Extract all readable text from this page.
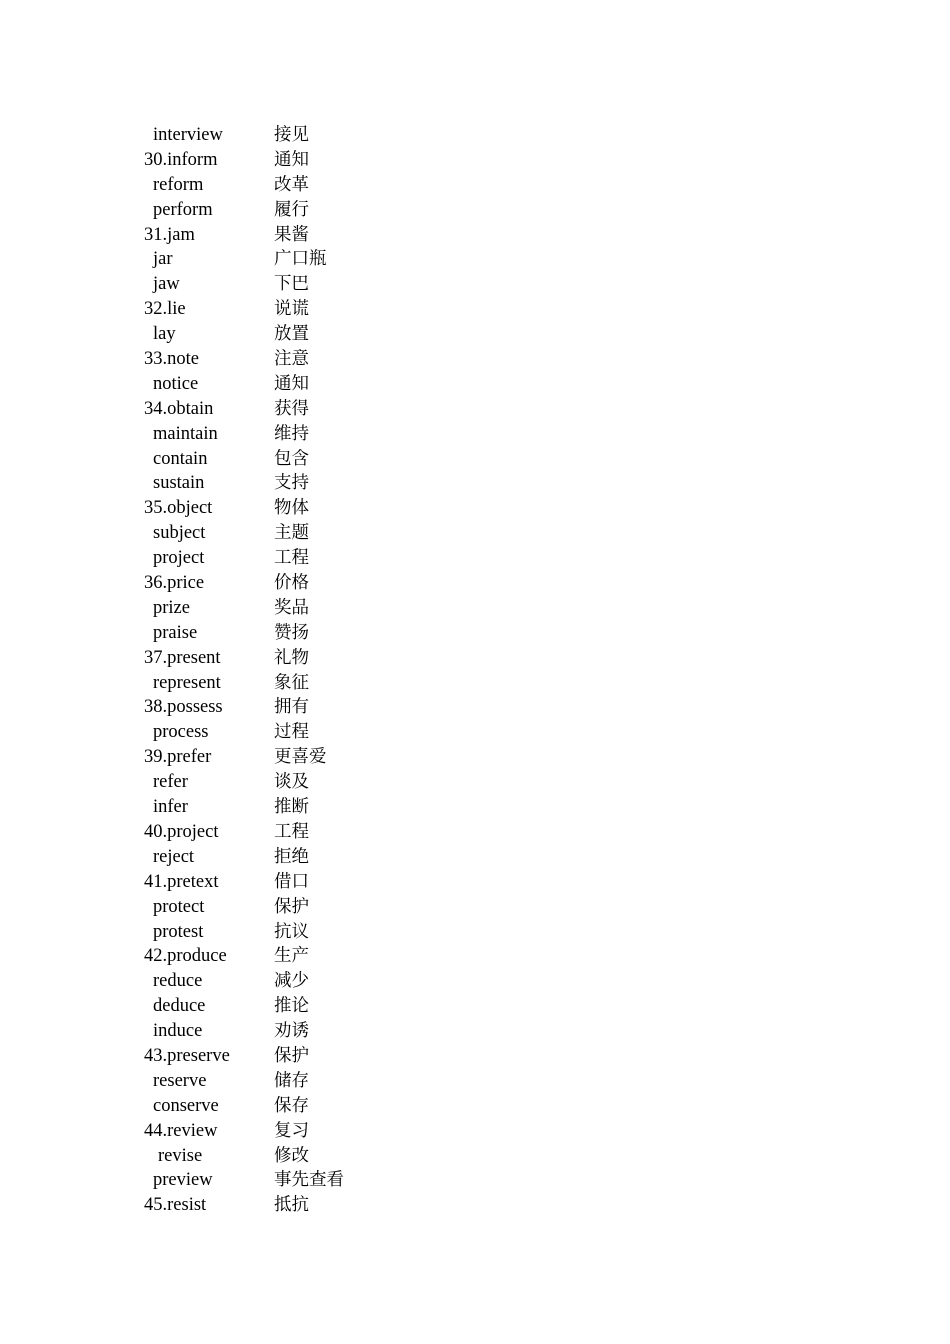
interview	接见
30.inform	通知
reform	改革
perform	履行
31.jam	果酱
jar	广口瓶
jaw	下巴
32.lie	说谎
lay	放置
33.note	注意
notice	通知
34.obtain	获得
maintain	维持
contain	包含
sustain	支持
35.object	物体
subject	主题
project	工程
36.price	价格
prize	奖品
praise	赞扬
37.present	礼物
represent	象征
38.possess	拥有
process	过程
39.prefer	更喜爱
refer	谈及
infer	推断
40.project	工程
reject	拒绝
41.pretext	借口
protect	保护
protest	抗议
42.produce	生产
reduce	减少
deduce	推论
induce	劝诱
43.preserve	保护
reserve	储存
conserve	保存
44.review	复习
revise	修改
preview	事先查看
45.resist	抵抗
